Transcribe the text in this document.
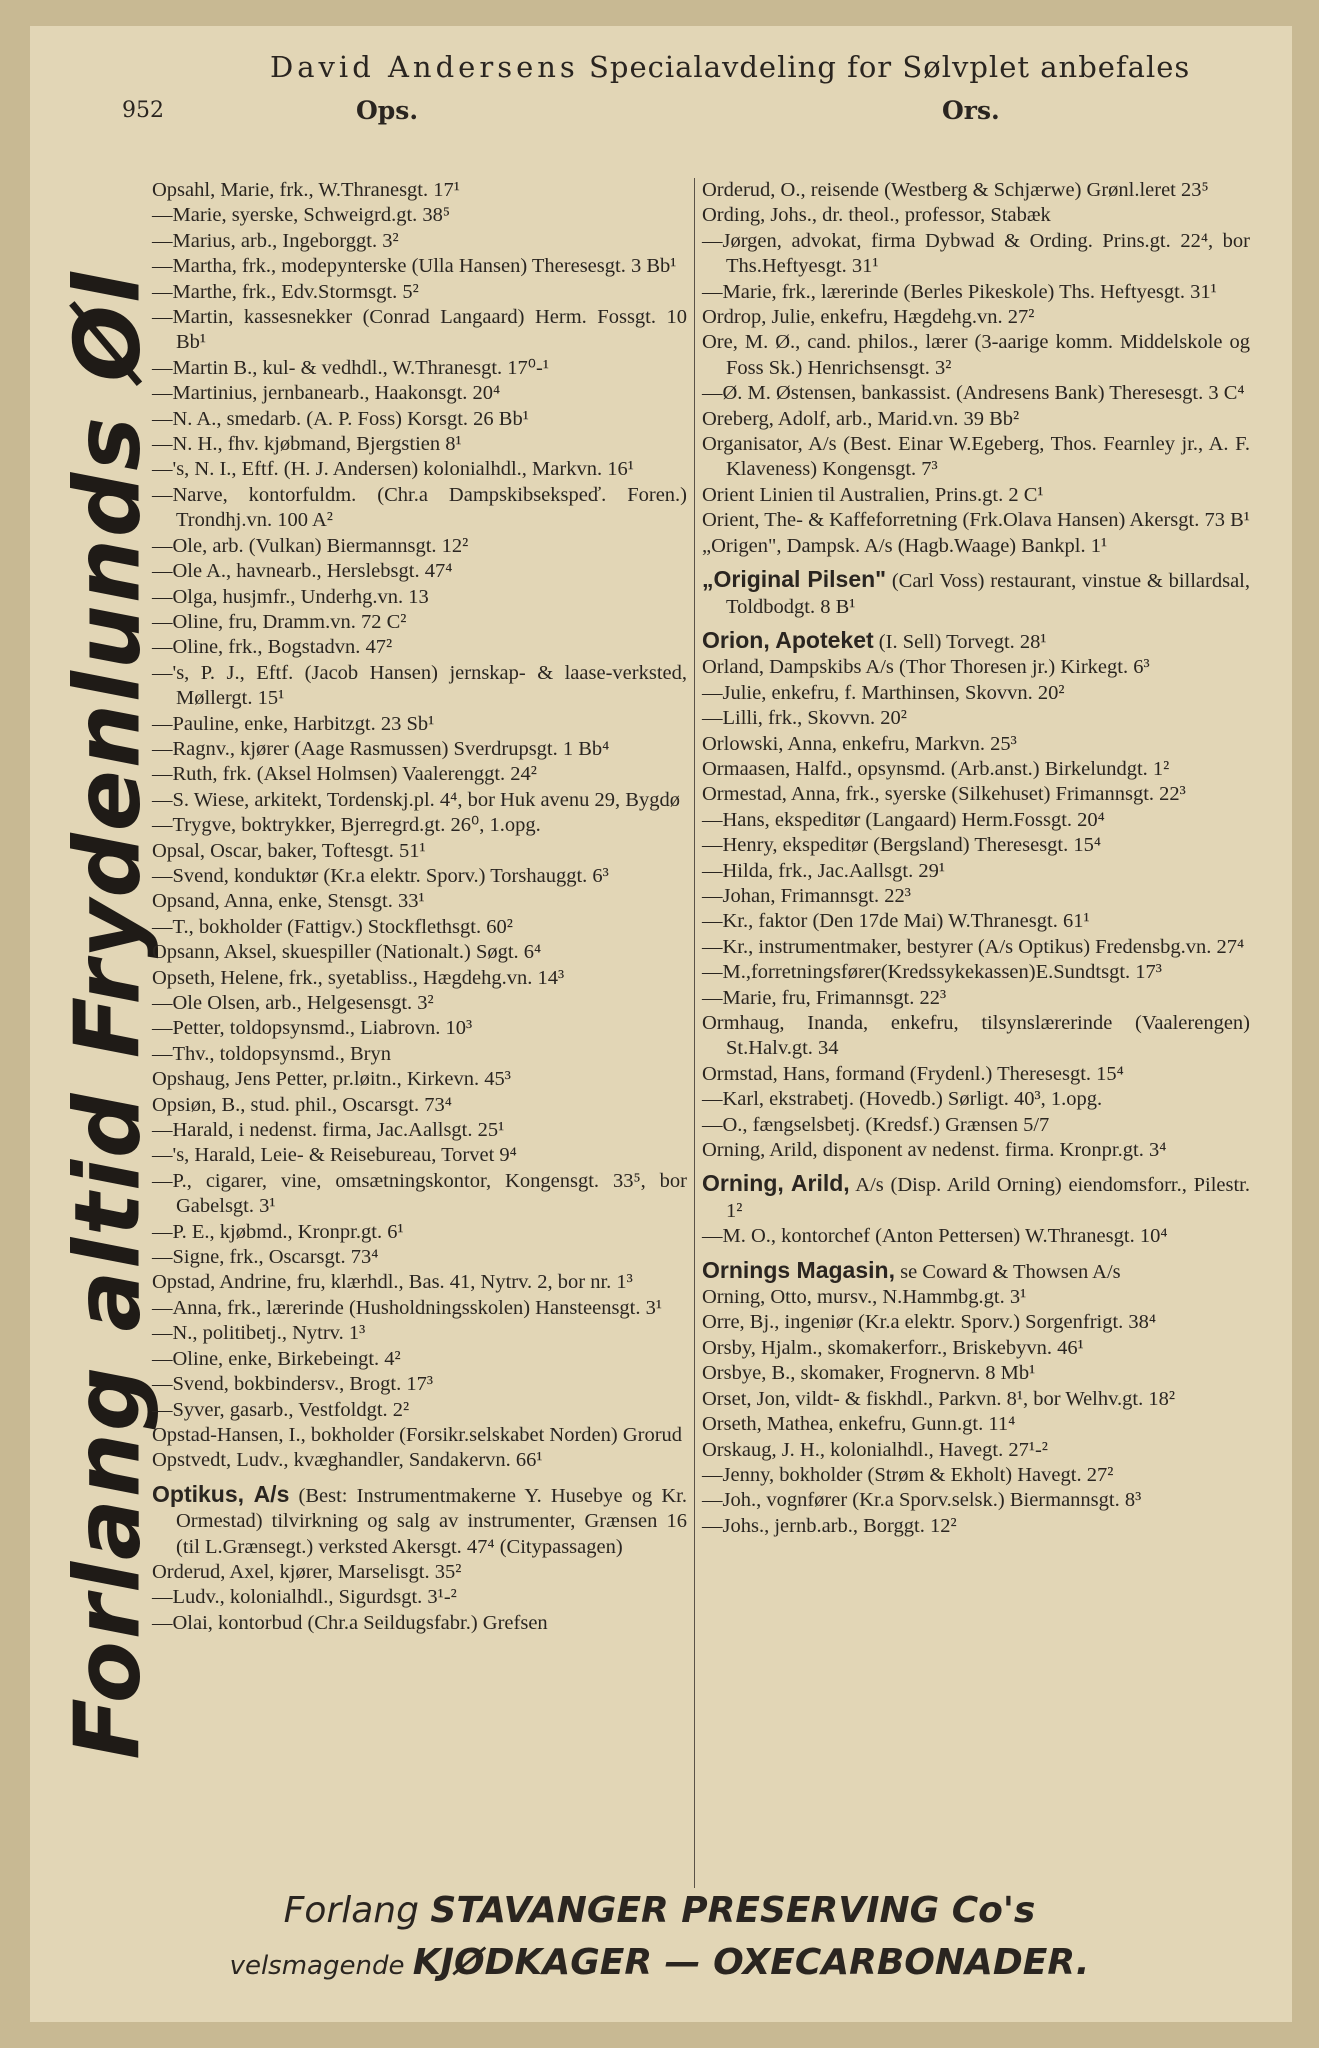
David Andersens Specialavdeling for Sølvplet anbefales
952	Ops.	Ors.
Forlang altid Frydenlunds Øl
Opsahl, Marie, frk., W.Thranesgt. 17¹
—Marie, syerske, Schweigrd.gt. 38⁵
—Marius, arb., Ingeborggt. 3²
—Martha, frk., modepynterske (Ulla Hansen) Theresesgt. 3 Bb¹
—Marthe, frk., Edv.Stormsgt. 5²
—Martin, kassesnekker (Conrad Langaard) Herm. Fossgt. 10 Bb¹
—Martin B., kul- & vedhdl., W.Thranesgt. 17⁰-¹
—Martinius, jernbanearb., Haakonsgt. 20⁴
—N. A., smedarb. (A. P. Foss) Korsgt. 26 Bb¹
—N. H., fhv. kjøbmand, Bjergstien 8¹
—'s, N. I., Eftf. (H. J. Andersen) kolonialhdl., Markvn. 16¹
—Narve, kontorfuldm. (Chr.a Dampskibsekspeď. Foren.) Trondhj.vn. 100 A²
—Ole, arb. (Vulkan) Biermannsgt. 12²
—Ole A., havnearb., Herslebsgt. 47⁴
—Olga, husjmfr., Underhg.vn. 13
—Oline, fru, Dramm.vn. 72 C²
—Oline, frk., Bogstadvn. 47²
—'s, P. J., Eftf. (Jacob Hansen) jernskap- & laase-verksted, Møllergt. 15¹
—Pauline, enke, Harbitzgt. 23 Sb¹
—Ragnv., kjører (Aage Rasmussen) Sverdrupsgt. 1 Bb⁴
—Ruth, frk. (Aksel Holmsen) Vaalerenggt. 24²
—S. Wiese, arkitekt, Tordenskj.pl. 4⁴, bor Huk avenu 29, Bygdø
—Trygve, boktrykker, Bjerregrd.gt. 26⁰, 1.opg.
Opsal, Oscar, baker, Toftesgt. 51¹
—Svend, konduktør (Kr.a elektr. Sporv.) Torshauggt. 6³
Opsand, Anna, enke, Stensgt. 33¹
—T., bokholder (Fattigv.) Stockflethsgt. 60²
Opsann, Aksel, skuespiller (Nationalt.) Søgt. 6⁴
Opseth, Helene, frk., syetabliss., Hægdehg.vn. 14³
—Ole Olsen, arb., Helgesensgt. 3²
—Petter, toldopsynsmd., Liabrovn. 10³
—Thv., toldopsynsmd., Bryn
Opshaug, Jens Petter, pr.løitn., Kirkevn. 45³
Opsiøn, B., stud. phil., Oscarsgt. 73⁴
—Harald, i nedenst. firma, Jac.Aallsgt. 25¹
—'s, Harald, Leie- & Reisebureau, Torvet 9⁴
—P., cigarer, vine, omsætningskontor, Kongensgt. 33⁵, bor Gabelsgt. 3¹
—P. E., kjøbmd., Kronpr.gt. 6¹
—Signe, frk., Oscarsgt. 73⁴
Opstad, Andrine, fru, klærhdl., Bas. 41, Nytrv. 2, bor nr. 1³
—Anna, frk., lærerinde (Husholdningsskolen) Hansteensgt. 3¹
—N., politibetj., Nytrv. 1³
—Oline, enke, Birkebeingt. 4²
—Svend, bokbindersv., Brogt. 17³
—Syver, gasarb., Vestfoldgt. 2²
Opstad-Hansen, I., bokholder (Forsikr.selskabet Norden) Grorud
Opstvedt, Ludv., kvæghandler, Sandakervn. 66¹
Optikus, A/s (Best: Instrumentmakerne Y. Husebye og Kr. Ormestad) tilvirkning og salg av instrumenter, Grænsen 16 (til L.Grænsegt.) verksted Akersgt. 47⁴ (Citypassagen)
Orderud, Axel, kjører, Marselisgt. 35²
—Ludv., kolonialhdl., Sigurdsgt. 3¹-²
—Olai, kontorbud (Chr.a Seildugsfabr.) Grefsen
Orderud, O., reisende (Westberg & Schjærwe) Grønl.leret 23⁵
Ording, Johs., dr. theol., professor, Stabæk
—Jørgen, advokat, firma Dybwad & Ording. Prins.gt. 22⁴, bor Ths.Heftyesgt. 31¹
—Marie, frk., lærerinde (Berles Pikeskole) Ths. Heftyesgt. 31¹
Ordrop, Julie, enkefru, Hægdehg.vn. 27²
Ore, M. Ø., cand. philos., lærer (3-aarige komm. Middelskole og Foss Sk.) Henrichsensgt. 3²
—Ø. M. Østensen, bankassist. (Andresens Bank) Theresesgt. 3 C⁴
Oreberg, Adolf, arb., Marid.vn. 39 Bb²
Organisator, A/s (Best. Einar W.Egeberg, Thos. Fearnley jr., A. F. Klaveness) Kongensgt. 7³
Orient Linien til Australien, Prins.gt. 2 C¹
Orient, The- & Kaffeforretning (Frk.Olava Hansen) Akersgt. 73 B¹
„Origen", Dampsk. A/s (Hagb.Waage) Bankpl. 1¹
„Original Pilsen" (Carl Voss) restaurant, vinstue & billardsal, Toldbodgt. 8 B¹
Orion, Apoteket (I. Sell) Torvegt. 28¹
Orland, Dampskibs A/s (Thor Thoresen jr.) Kirkegt. 6³
—Julie, enkefru, f. Marthinsen, Skovvn. 20²
—Lilli, frk., Skovvn. 20²
Orlowski, Anna, enkefru, Markvn. 25³
Ormaasen, Halfd., opsynsmd. (Arb.anst.) Birkelundgt. 1²
Ormestad, Anna, frk., syerske (Silkehuset) Frimannsgt. 22³
—Hans, ekspeditør (Langaard) Herm.Fossgt. 20⁴
—Henry, ekspeditør (Bergsland) Theresesgt. 15⁴
—Hilda, frk., Jac.Aallsgt. 29¹
—Johan, Frimannsgt. 22³
—Kr., faktor (Den 17de Mai) W.Thranesgt. 61¹
—Kr., instrumentmaker, bestyrer (A/s Optikus) Fredensbg.vn. 27⁴
—M.,forretningsfører(Kredssykekassen)E.Sundtsgt. 17³
—Marie, fru, Frimannsgt. 22³
Ormhaug, Inanda, enkefru, tilsynslærerinde (Vaalerengen) St.Halv.gt. 34
Ormstad, Hans, formand (Frydenl.) Theresesgt. 15⁴
—Karl, ekstrabetj. (Hovedb.) Sørligt. 40³, 1.opg.
—O., fængselsbetj. (Kredsf.) Grænsen 5/7
Orning, Arild, disponent av nedenst. firma. Kronpr.gt. 3⁴
Orning, Arild, A/s (Disp. Arild Orning) eiendomsforr., Pilestr. 1²
—M. O., kontorchef (Anton Pettersen) W.Thranesgt. 10⁴
Ornings Magasin, se Coward & Thowsen A/s
Orning, Otto, mursv., N.Hammbg.gt. 3¹
Orre, Bj., ingeniør (Kr.a elektr. Sporv.) Sorgenfrigt. 38⁴
Orsby, Hjalm., skomakerforr., Briskebyvn. 46¹
Orsbye, B., skomaker, Frognervn. 8 Mb¹
Orset, Jon, vildt- & fiskhdl., Parkvn. 8¹, bor Welhv.gt. 18²
Orseth, Mathea, enkefru, Gunn.gt. 11⁴
Orskaug, J. H., kolonialhdl., Havegt. 27¹-²
—Jenny, bokholder (Strøm & Ekholt) Havegt. 27²
—Joh., vognfører (Kr.a Sporv.selsk.) Biermannsgt. 8³
—Johs., jernb.arb., Borggt. 12²
Forlang STAVANGER PRESERVING Co's
velsmagende KJØDKAGER — OXECARBONADER.
